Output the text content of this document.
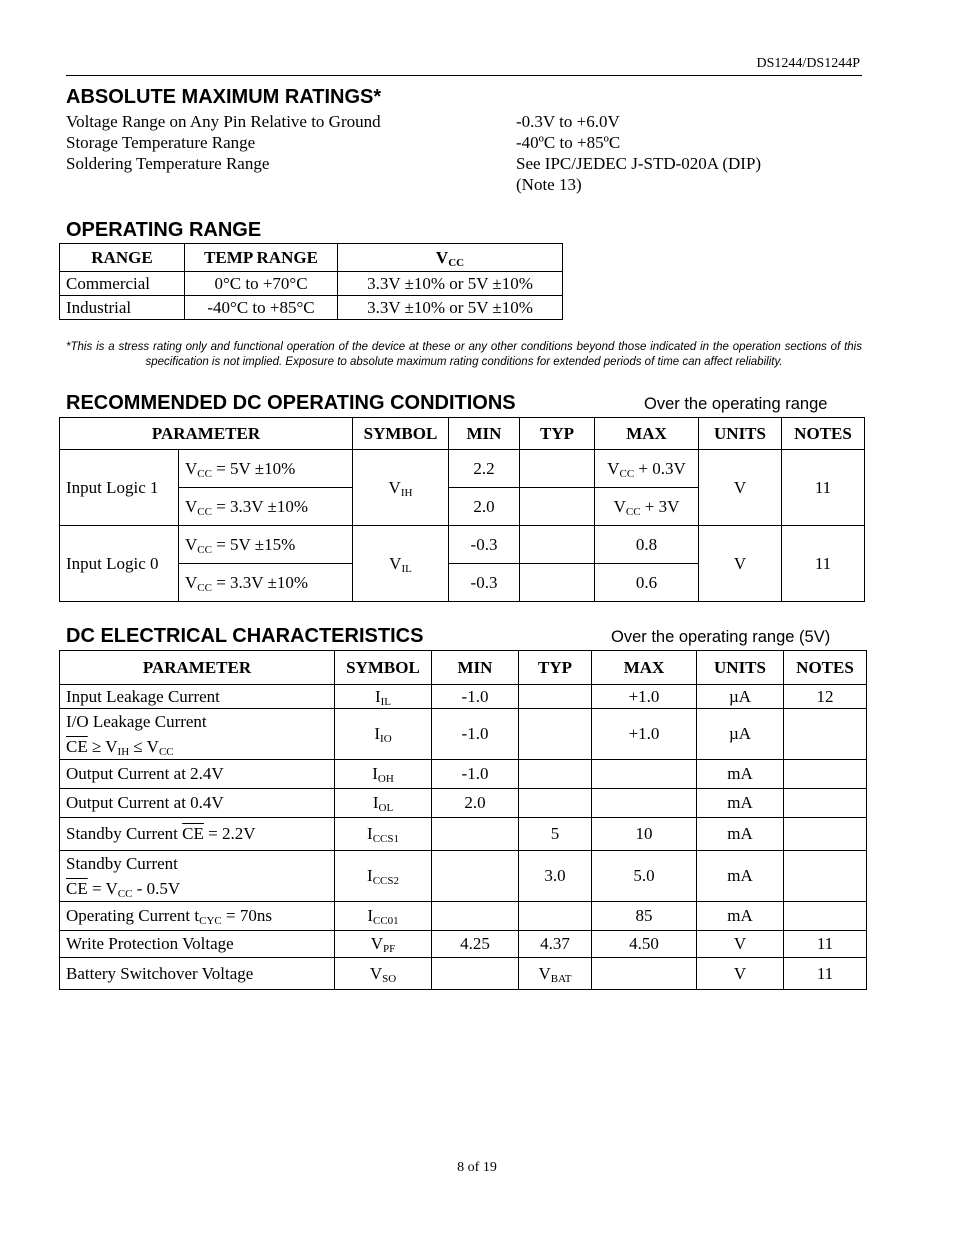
DS1244/DS1244P
ABSOLUTE MAXIMUM RATINGS*
Voltage Range on Any Pin Relative to Ground	-0.3V to +6.0V
Storage Temperature Range	-40ºC to +85ºC
Soldering Temperature Range	See IPC/JEDEC J-STD-020A (DIP)
(Note 13)
OPERATING RANGE
RANGE	TEMP RANGE	$V_{CC}$
Commercial	0°C to +70°C	3.3V ±10% or 5V ±10%
Industrial	-40°C to +85°C	3.3V ±10% or 5V ±10%
*This is a stress rating only and functional operation of the device at these or any other conditions beyond those indicated in the operation sections of this specification is not implied. Exposure to absolute maximum rating conditions for extended periods of time can affect reliability.
RECOMMENDED DC OPERATING CONDITIONS	Over the operating range
PARAMETER		SYMBOL	MIN	TYP	MAX	UNITS	NOTES
Input Logic 1	$V_{CC} = 5V \pm 10\%$	$V_{IH}$	2.2		$V_{CC} + 0.3V$	V	11
	$V_{CC} = 3.3V \pm 10\%$		2.0		$V_{CC} + 3V$		
Input Logic 0	$V_{CC} = 5V \pm 15\%$	$V_{IL}$	-0.3		0.8	V	11
	$V_{CC} = 3.3V \pm 10\%$		-0.3		0.6		
DC ELECTRICAL CHARACTERISTICS	Over the operating range (5V)
PARAMETER	SYMBOL	MIN	TYP	MAX	UNITS	NOTES
Input Leakage Current	$I_{IL}$	-1.0		+1.0	µA	12

I/O Leakage Current
$\overline{CE} \ge V_{IH} \le V_{CC}$	$I_{IO}$	-1.0		+1.0	µA	
Output Current at 2.4V	$I_{OH}$	-1.0			mA	
Output Current at 0.4V	$I_{OL}$	2.0			mA	
Standby Current $\overline{CE} = 2.2V$	$I_{CCS1}$		5	10	mA	

Standby Current
$\overline{CE} = V_{CC} - 0.5V$	$I_{CCS2}$		3.0	5.0	mA	
Operating Current $t_{CYC} = 70ns$	$I_{CC01}$			85	mA	
Write Protection Voltage	$V_{PF}$	4.25	4.37	4.50	V	11
Battery Switchover Voltage	$V_{SO}$		$V_{BAT}$		V	11
8 of 19
